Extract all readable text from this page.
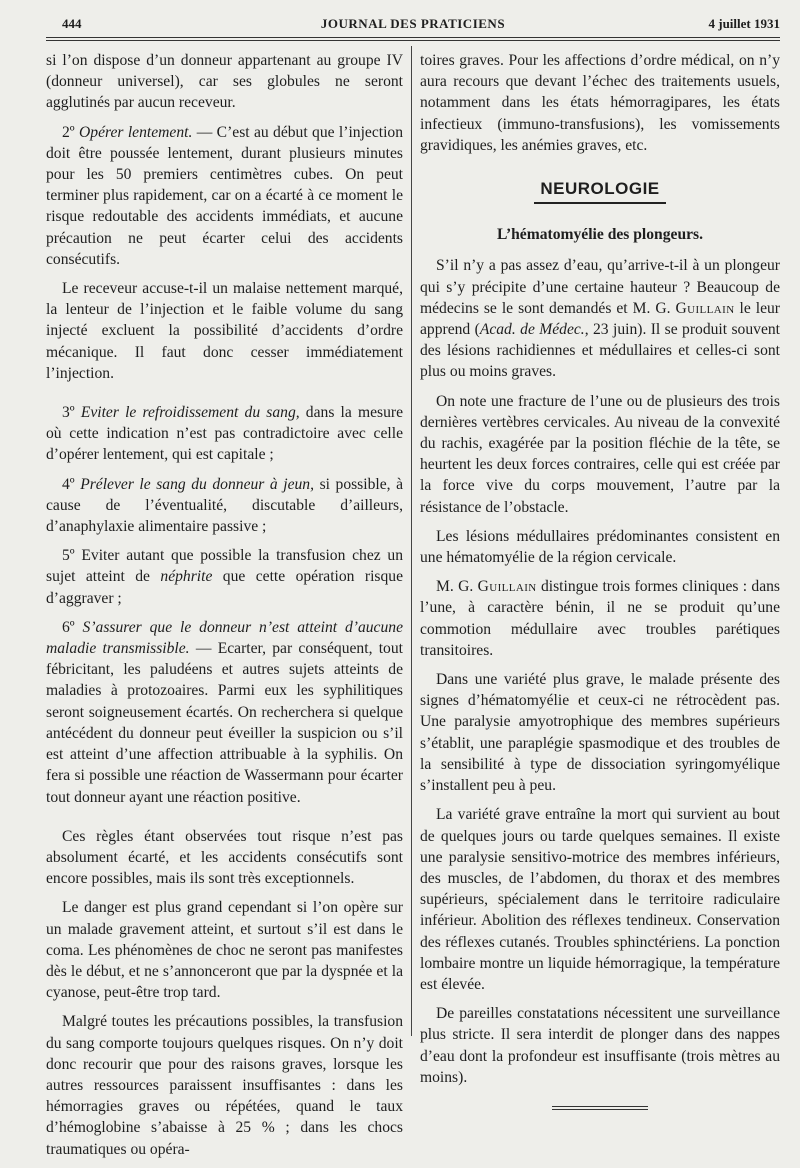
444	JOURNAL DES PRATICIENS	4 juillet 1931

si l’on dispose d’un donneur appartenant au groupe IV (donneur universel), car ses globules ne seront agglutinés par aucun receveur.

2º Opérer lentement. — C’est au début que l’injection doit être poussée lentement, durant plusieurs minutes pour les 50 premiers centimètres cubes. On peut terminer plus rapidement, car on a écarté à ce moment le risque redoutable des accidents immédiats, et aucune précaution ne peut écarter celui des accidents consécutifs.

Le receveur accuse-t-il un malaise nettement marqué, la lenteur de l’injection et le faible volume du sang injecté excluent la possibilité d’accidents d’ordre mécanique. Il faut donc cesser immédiatement l’injection.

3º Eviter le refroidissement du sang, dans la mesure où cette indication n’est pas contradictoire avec celle d’opérer lentement, qui est capitale ;

4º Prélever le sang du donneur à jeun, si possible, à cause de l’éventualité, discutable d’ailleurs, d’anaphylaxie alimentaire passive ;

5º Eviter autant que possible la transfusion chez un sujet atteint de néphrite que cette opération risque d’aggraver ;

6º S’assurer que le donneur n’est atteint d’aucune maladie transmissible. — Ecarter, par conséquent, tout fébricitant, les paludéens et autres sujets atteints de maladies à protozoaires. Parmi eux les syphilitiques seront soigneusement écartés. On recherchera si quelque antécédent du donneur peut éveiller la suspicion ou s’il est atteint d’une affection attribuable à la syphilis. On fera si possible une réaction de Wassermann pour écarter tout donneur ayant une réaction positive.

Ces règles étant observées tout risque n’est pas absolument écarté, et les accidents consécutifs sont encore possibles, mais ils sont très exceptionnels.

Le danger est plus grand cependant si l’on opère sur un malade gravement atteint, et surtout s’il est dans le coma. Les phénomènes de choc ne seront pas manifestes dès le début, et ne s’annonceront que par la dyspnée et la cyanose, peut-être trop tard.

Malgré toutes les précautions possibles, la transfusion du sang comporte toujours quelques risques. On n’y doit donc recourir que pour des raisons graves, lorsque les autres ressources paraissent insuffisantes : dans les hémorragies graves ou répétées, quand le taux d’hémoglobine s’abaisse à 25 % ; dans les chocs traumatiques ou opéra-

toires graves. Pour les affections d’ordre médical, on n’y aura recours que devant l’échec des traitements usuels, notamment dans les états hémorragipares, les états infectieux (immuno-transfusions), les vomissements gravidiques, les anémies graves, etc.

NEUROLOGIE
L’hématomyélie des plongeurs.

S’il n’y a pas assez d’eau, qu’arrive-t-il à un plongeur qui s’y précipite d’une certaine hauteur ? Beaucoup de médecins se le sont demandés et M. G. Guillain le leur apprend (Acad. de Médec., 23 juin). Il se produit souvent des lésions rachidiennes et médullaires et celles-ci sont plus ou moins graves.

On note une fracture de l’une ou de plusieurs des trois dernières vertèbres cervicales. Au niveau de la convexité du rachis, exagérée par la position fléchie de la tête, se heurtent les deux forces contraires, celle qui est créée par la force vive du corps mouvement, l’autre par la résistance de l’obstacle.

Les lésions médullaires prédominantes consistent en une hématomyélie de la région cervicale.

M. G. Guillain distingue trois formes cliniques : dans l’une, à caractère bénin, il ne se produit qu’une commotion médullaire avec troubles parétiques transitoires.

Dans une variété plus grave, le malade présente des signes d’hématomyélie et ceux-ci ne rétrocèdent pas. Une paralysie amyotrophique des membres supérieurs s’établit, une paraplégie spasmodique et des troubles de la sensibilité à type de dissociation syringomyélique s’installent peu à peu.

La variété grave entraîne la mort qui survient au bout de quelques jours ou tarde quelques semaines. Il existe une paralysie sensitivo-motrice des membres inférieurs, des muscles, de l’abdomen, du thorax et des membres supérieurs, spécialement dans le territoire radiculaire inférieur. Abolition des réflexes tendineux. Conservation des réflexes cutanés. Troubles sphinctériens. La ponction lombaire montre un liquide hémorragique, la température est élevée.

De pareilles constatations nécessitent une surveillance plus stricte. Il sera interdit de plonger dans des nappes d’eau dont la profondeur est insuffisante (trois mètres au moins).
